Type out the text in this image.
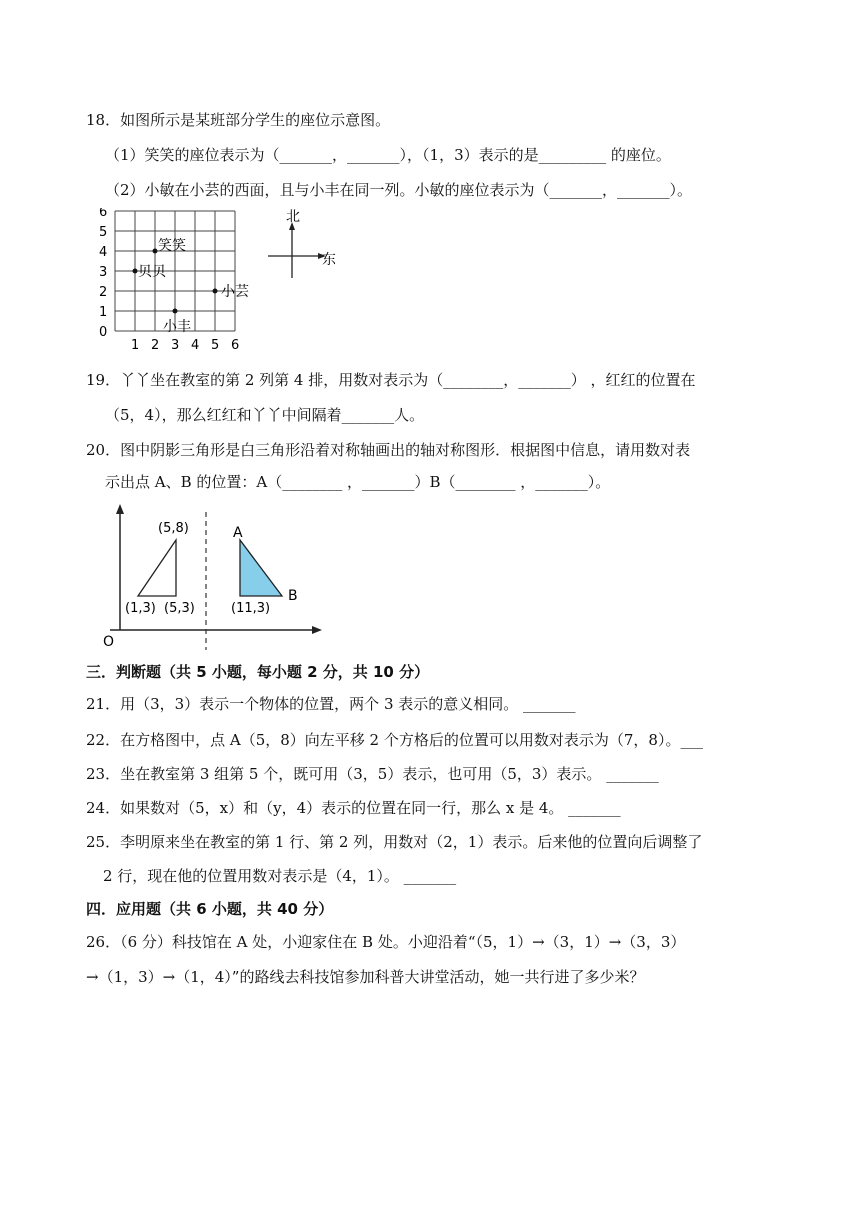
18．如图所示是某班部分学生的座位示意图。
（1）笑笑的座位表示为（_______，_______），（1，3）表示的是_________ 的座位。
（2）小敏在小芸的西面，且与小丰在同一列。小敏的座位表示为（_______，_______）。
0
1
2
3
4
5
6
1 2 3 4 5 6
笑笑
贝贝
小芸
小丰
北
东
19．丫丫坐在教室的第 2 列第 4 排，用数对表示为（________，_______） ，红红的位置在
（5，4），那么红红和丫丫中间隔着_______人。
20．图中阴影三角形是白三角形沿着对称轴画出的轴对称图形．根据图中信息，请用数对表
示出点 A、B 的位置：A（________ ，_______）B（________ ，_______）。
(5,8)
(1,3) (5,3)	(11,3)
A
B
O
三．判断题（共 5 小题，每小题 2 分，共 10 分）
21．用（3，3）表示一个物体的位置，两个 3 表示的意义相同。 _______
22．在方格图中，点 A（5，8）向左平移 2 个方格后的位置可以用数对表示为（7，8）。___
23．坐在教室第 3 组第 5 个，既可用（3，5）表示，也可用（5，3）表示。 _______
24．如果数对（5，x）和（y，4）表示的位置在同一行，那么 x 是 4。 _______
25．李明原来坐在教室的第 1 行、第 2 列，用数对（2，1）表示。后来他的位置向后调整了
2 行，现在他的位置用数对表示是（4，1）。 _______
四．应用题（共 6 小题，共 40 分）
26．（6 分）科技馆在 A 处，小迎家住在 B 处。小迎沿着“（5，1）→（3，1）→（3，3）
→（1，3）→（1，4）”的路线去科技馆参加科普大讲堂活动，她一共行进了多少米？
